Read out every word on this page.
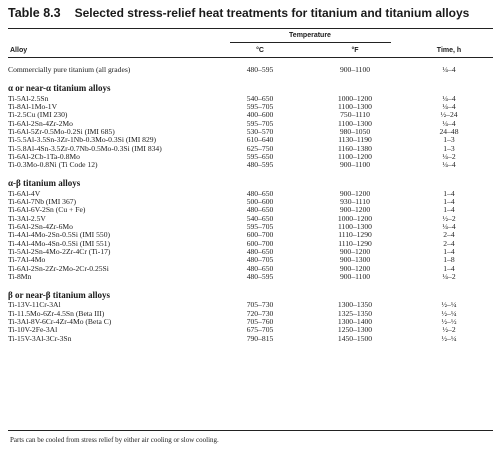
Table 8.3 Selected stress-relief heat treatments for titanium and titanium alloys
Temperature
Alloy	°C	°F	Time, h
Commercially pure titanium (all grades)	480–595		900–1100		¼–4

α or near-α titanium alloys					
Ti-5Al-2.5Sn	540–650		1000–1200		¼–4
Ti-8Al-1Mo-1V	595–705		1100–1300		¼–4
Ti-2.5Cu (IMI 230)	400–600		750–1110		½–24
Ti-6Al-2Sn-4Zr-2Mo	595–705		1100–1300		¼–4
Ti-6Al-5Zr-0.5Mo-0.2Si (IMI 685)	530–570		980–1050		24–48
Ti-5.5Al-3.5Sn-3Zr-1Nb-0.3Mo-0.3Si (IMI 829)	610–640		1130–1190		1–3
Ti-5.8Al-4Sn-3.5Zr-0.7Nb-0.5Mo-0.3Si (IMI 834)	625–750		1160–1380		1–3
Ti-6Al-2Cb-1Ta-0.8Mo	595–650		1100–1200		¼–2
Ti-0.3Mo-0.8Ni (Ti Code 12)	480–595		900–1100		¼–4

α-β titanium alloys					
Ti-6Al-4V	480–650		900–1200		1–4
Ti-6Al-7Nb (IMI 367)	500–600		930–1110		1–4
Ti-6Al-6V-2Sn (Cu + Fe)	480–650		900–1200		1–4
Ti-3Al-2.5V	540–650		1000–1200		½–2
Ti-6Al-2Sn-4Zr-6Mo	595–705		1100–1300		¼–4
Ti-4Al-4Mo-2Sn-0.5Si (IMI 550)	600–700		1110–1290		2–4
Ti-4Al-4Mo-4Sn-0.5Si (IMI 551)	600–700		1110–1290		2–4
Ti-5Al-2Sn-4Mo-2Zr-4Cr (Ti-17)	480–650		900–1200		1–4
Ti-7Al-4Mo	480–705		900–1300		1–8
Ti-6Al-2Sn-2Zr-2Mo-2Cr-0.25Si	480–650		900–1200		1–4
Ti-8Mn	480–595		900–1100		¼–2

β or near-β titanium alloys					
Ti-13V-11Cr-3Al	705–730		1300–1350		½–¼
Ti-11.5Mo-6Zr-4.5Sn (Beta III)	720–730		1325–1350		½–¼
Ti-3Al-8V-6Cr-4Zr-4Mo (Beta C)	705–760		1300–1400		½–½
Ti-10V-2Fe-3Al	675–705		1250–1300		½–2
Ti-15V-3Al-3Cr-3Sn	790–815		1450–1500		½–¼
Parts can be cooled from stress relief by either air cooling or slow cooling.
